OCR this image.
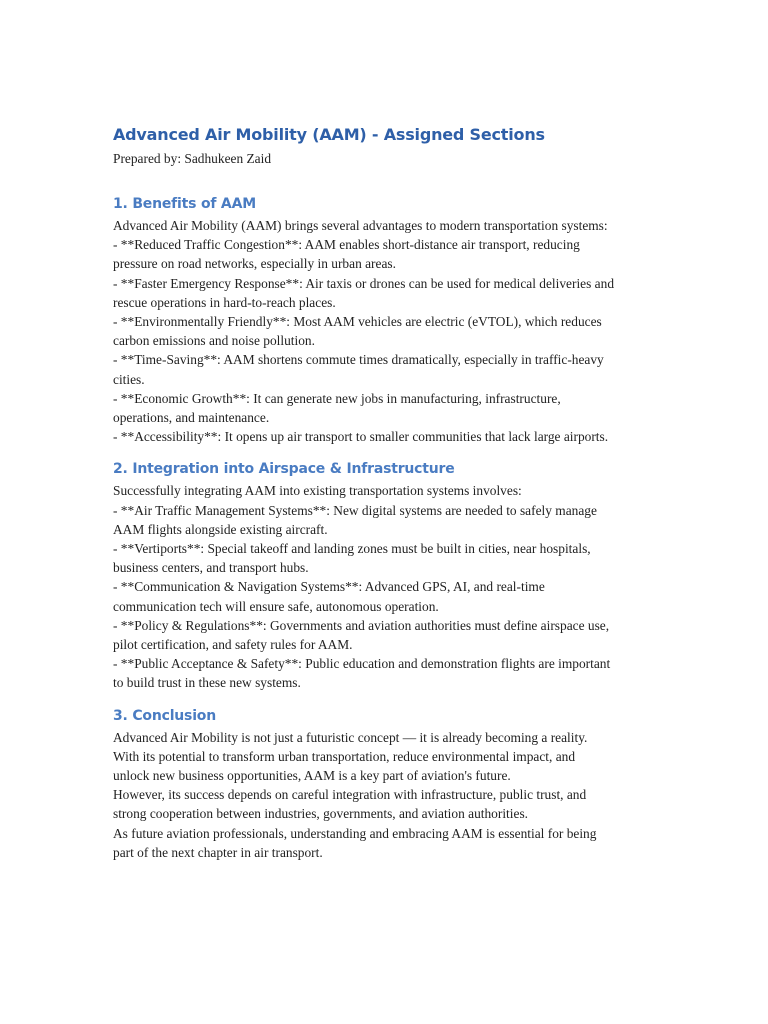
Advanced Air Mobility (AAM) - Assigned Sections

Prepared by: Sadhukeen Zaid

1. Benefits of AAM

Advanced Air Mobility (AAM) brings several advantages to modern transportation systems:

- **Reduced Traffic Congestion**: AAM enables short-distance air transport, reducing

pressure on road networks, especially in urban areas.

- **Faster Emergency Response**: Air taxis or drones can be used for medical deliveries and

rescue operations in hard-to-reach places.

- **Environmentally Friendly**: Most AAM vehicles are electric (eVTOL), which reduces

carbon emissions and noise pollution.

- **Time-Saving**: AAM shortens commute times dramatically, especially in traffic-heavy

cities.

- **Economic Growth**: It can generate new jobs in manufacturing, infrastructure,

operations, and maintenance.

- **Accessibility**: It opens up air transport to smaller communities that lack large airports.

2. Integration into Airspace & Infrastructure

Successfully integrating AAM into existing transportation systems involves:

- **Air Traffic Management Systems**: New digital systems are needed to safely manage

AAM flights alongside existing aircraft.

- **Vertiports**: Special takeoff and landing zones must be built in cities, near hospitals,

business centers, and transport hubs.

- **Communication & Navigation Systems**: Advanced GPS, AI, and real-time

communication tech will ensure safe, autonomous operation.

- **Policy & Regulations**: Governments and aviation authorities must define airspace use,

pilot certification, and safety rules for AAM.

- **Public Acceptance & Safety**: Public education and demonstration flights are important

to build trust in these new systems.

3. Conclusion

Advanced Air Mobility is not just a futuristic concept — it is already becoming a reality.

With its potential to transform urban transportation, reduce environmental impact, and

unlock new business opportunities, AAM is a key part of aviation's future.

However, its success depends on careful integration with infrastructure, public trust, and

strong cooperation between industries, governments, and aviation authorities.

As future aviation professionals, understanding and embracing AAM is essential for being

part of the next chapter in air transport.
